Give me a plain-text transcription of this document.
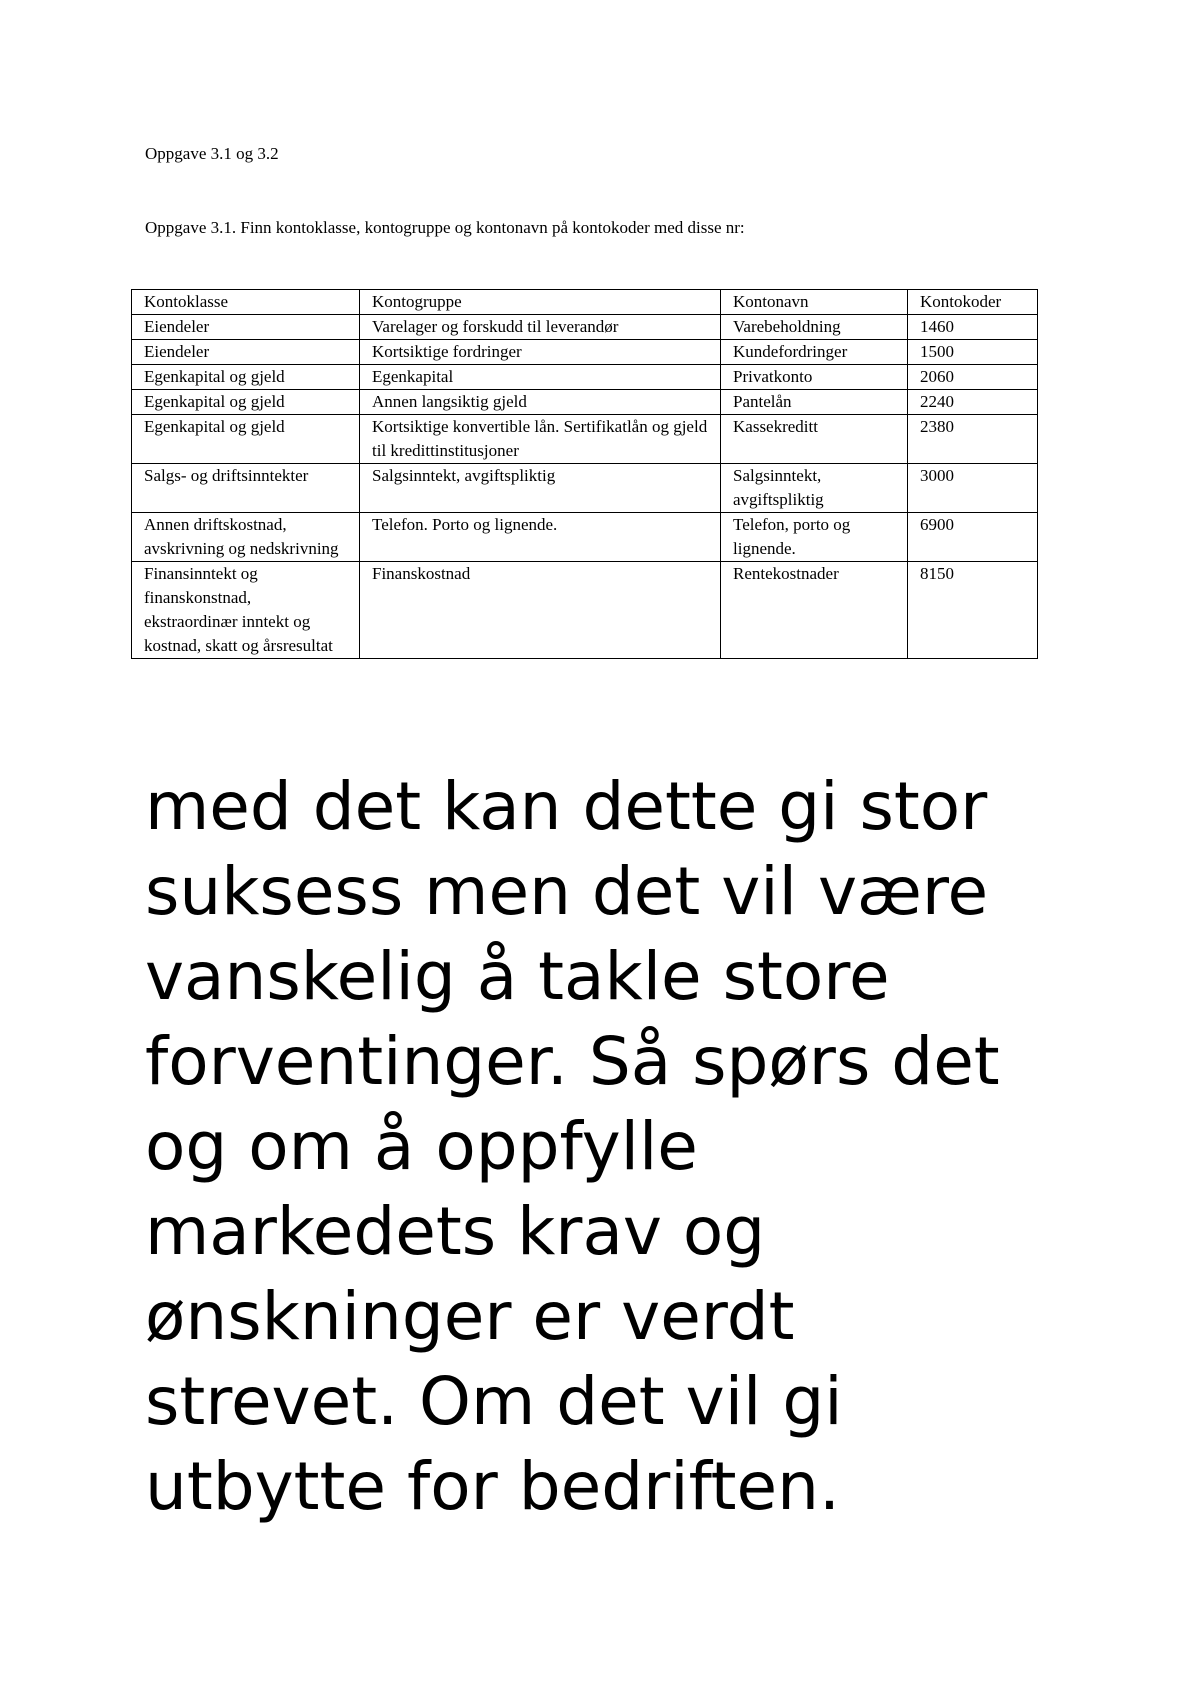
Oppgave 3.1 og 3.2
Oppgave 3.1. Finn kontoklasse, kontogruppe og kontonavn på kontokoder med disse nr:
Kontoklasse	Kontogruppe	Kontonavn	Kontokoder
Eiendeler	Varelager og forskudd til leverandør	Varebeholdning	1460
Eiendeler	Kortsiktige fordringer	Kundefordringer	1500
Egenkapital og gjeld	Egenkapital	Privatkonto	2060
Egenkapital og gjeld	Annen langsiktig gjeld	Pantelån	2240
Egenkapital og gjeld	Kortsiktige konvertible lån. Sertifikatlån og gjeld til kredittinstitusjoner	Kassekreditt	2380
Salgs- og driftsinntekter	Salgsinntekt, avgiftspliktig	Salgsinntekt, avgiftspliktig	3000
Annen driftskostnad, avskrivning og nedskrivning	Telefon. Porto og lignende.	Telefon, porto og lignende.	6900
Finansinntekt og finanskonstnad, ekstraordinær inntekt og kostnad, skatt og årsresultat	Finanskostnad	Rentekostnader	8150

med det kan dette gi stor suksess men det vil være vanskelig å takle store forventinger. Så spørs det og om å oppfylle markedets krav og ønskninger er verdt strevet. Om det vil gi utbytte for bedriften.
